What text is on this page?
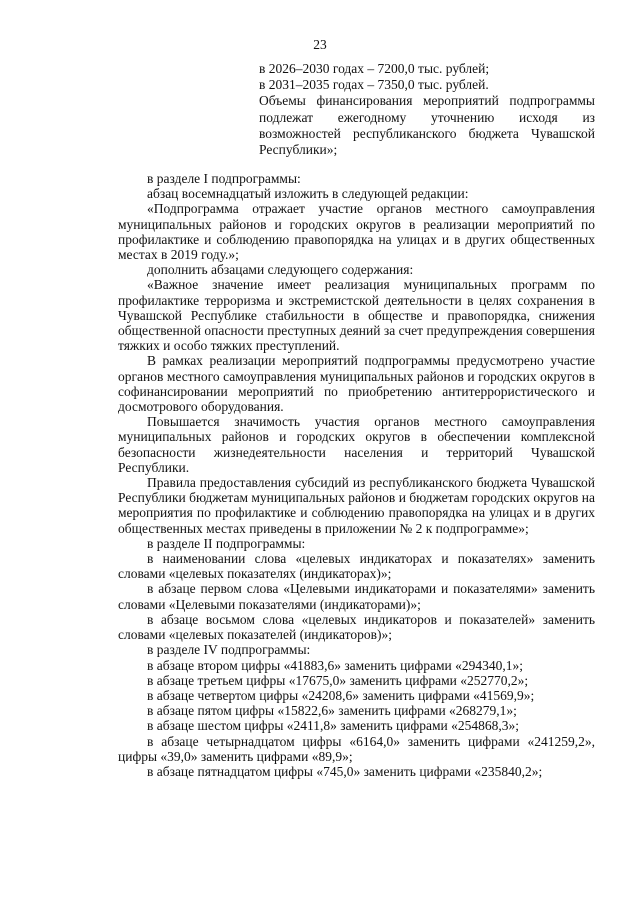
23

в 2026–2030 годах – 7200,0 тыс. рублей;

в 2031–2035 годах – 7350,0 тыс. рублей.

Объемы финансирования мероприятий подпрограммы подлежат ежегодному уточнению исходя из возможностей республиканского бюджета Чувашской Республики»;

в разделе I подпрограммы:

абзац восемнадцатый изложить в следующей редакции:

«Подпрограмма отражает участие органов местного самоуправления муниципальных районов и городских округов в реализации мероприятий по профилактике и соблюдению правопорядка на улицах и в других общественных местах в 2019 году.»;

дополнить абзацами следующего содержания:

«Важное значение имеет реализация муниципальных программ по профилактике терроризма и экстремистской деятельности в целях сохранения в Чувашской Республике стабильности в обществе и правопорядка, снижения общественной опасности преступных деяний за счет предупреждения совершения тяжких и особо тяжких преступлений.

В рамках реализации мероприятий подпрограммы предусмотрено участие органов местного самоуправления муниципальных районов и городских округов в софинансировании мероприятий по приобретению антитеррористического и досмотрового оборудования.

Повышается значимость участия органов местного самоуправления муниципальных районов и городских округов в обеспечении комплексной безопасности жизнедеятельности населения и территорий Чувашской Республики.

Правила предоставления субсидий из республиканского бюджета Чувашской Республики бюджетам муниципальных районов и бюджетам городских округов на мероприятия по профилактике и соблюдению правопорядка на улицах и в других общественных местах приведены в приложении № 2 к подпрограмме»;

в разделе II подпрограммы:

в наименовании слова «целевых индикаторах и показателях» заменить словами «целевых показателях (индикаторах)»;

в абзаце первом слова «Целевыми индикаторами и показателями» заменить словами «Целевыми показателями (индикаторами)»;

в абзаце восьмом слова «целевых индикаторов и показателей» заменить словами «целевых показателей (индикаторов)»;

в разделе IV подпрограммы:

в абзаце втором цифры «41883,6» заменить цифрами «294340,1»;

в абзаце третьем цифры «17675,0» заменить цифрами «252770,2»;

в абзаце четвертом цифры «24208,6» заменить цифрами «41569,9»;

в абзаце пятом цифры «15822,6» заменить цифрами «268279,1»;

в абзаце шестом цифры «2411,8» заменить цифрами «254868,3»;

в абзаце четырнадцатом цифры «6164,0» заменить цифрами «241259,2», цифры «39,0» заменить цифрами «89,9»;

в абзаце пятнадцатом цифры «745,0» заменить цифрами «235840,2»;
